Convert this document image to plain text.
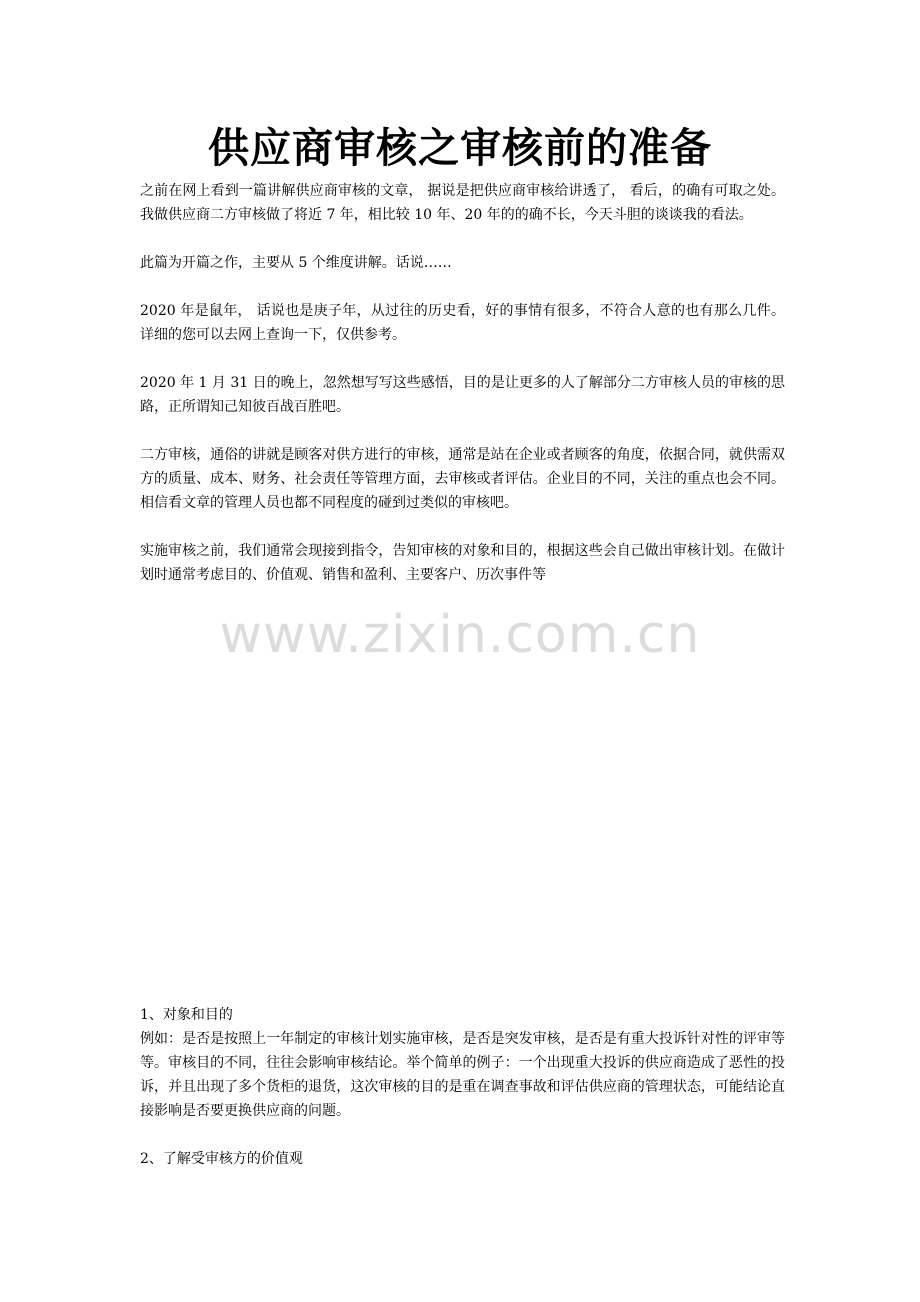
供应商审核之审核前的准备

之前在网上看到一篇讲解供应商审核的文章， 据说是把供应商审核给讲透了， 看后，的确有可取之处。我做供应商二方审核做了将近 7 年，相比较 10 年、20 年的的确不长，今天斗胆的谈谈我的看法。

此篇为开篇之作，主要从 5 个维度讲解。话说……

2020 年是鼠年， 话说也是庚子年，从过往的历史看，好的事情有很多，不符合人意的也有那么几件。详细的您可以去网上查询一下，仅供参考。

2020 年 1 月 31 日的晚上，忽然想写写这些感悟，目的是让更多的人了解部分二方审核人员的审核的思路，正所谓知己知彼百战百胜吧。

二方审核，通俗的讲就是顾客对供方进行的审核，通常是站在企业或者顾客的角度，依据合同，就供需双方的质量、成本、财务、社会责任等管理方面，去审核或者评估。企业目的不同，关注的重点也会不同。相信看文章的管理人员也都不同程度的碰到过类似的审核吧。

实施审核之前，我们通常会现接到指令，告知审核的对象和目的，根据这些会自己做出审核计划。在做计划时通常考虑目的、价值观、销售和盈利、主要客户、历次事件等

www.zixin.com.cn

1、对象和目的
例如：是否是按照上一年制定的审核计划实施审核，是否是突发审核，是否是有重大投诉针对性的评审等等。审核目的不同，往往会影响审核结论。举个简单的例子：一个出现重大投诉的供应商造成了恶性的投诉，并且出现了多个货柜的退货，这次审核的目的是重在调查事故和评估供应商的管理状态，可能结论直接影响是否要更换供应商的问题。

2、了解受审核方的价值观
